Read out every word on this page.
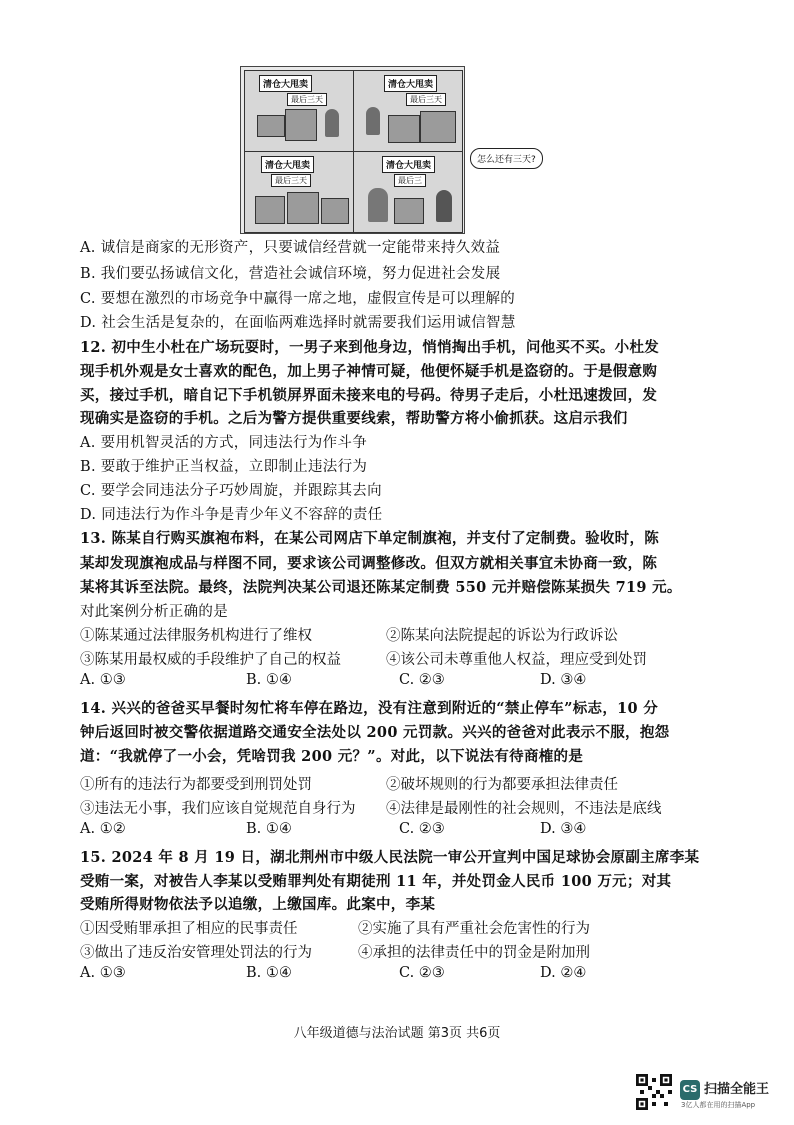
清仓大甩卖
最后三天
清仓大甩卖
最后三天
清仓大甩卖
最后三天
清仓大甩卖
最后三
怎么还有三天?
A. 诚信是商家的无形资产，只要诚信经营就一定能带来持久效益
B. 我们要弘扬诚信文化，营造社会诚信环境，努力促进社会发展
C. 要想在激烈的市场竞争中赢得一席之地，虚假宣传是可以理解的
D. 社会生活是复杂的，在面临两难选择时就需要我们运用诚信智慧
12. 初中生小杜在广场玩耍时，一男子来到他身边，悄悄掏出手机，问他买不买。小杜发
现手机外观是女士喜欢的配色，加上男子神情可疑，他便怀疑手机是盗窃的。于是假意购
买，接过手机，暗自记下手机锁屏界面未接来电的号码。待男子走后，小杜迅速拨回，发
现确实是盗窃的手机。之后为警方提供重要线索，帮助警方将小偷抓获。这启示我们
A. 要用机智灵活的方式，同违法行为作斗争
B. 要敢于维护正当权益，立即制止违法行为
C. 要学会同违法分子巧妙周旋，并跟踪其去向
D. 同违法行为作斗争是青少年义不容辞的责任
13. 陈某自行购买旗袍布料，在某公司网店下单定制旗袍，并支付了定制费。验收时，陈
某却发现旗袍成品与样图不同，要求该公司调整修改。但双方就相关事宜未协商一致，陈
某将其诉至法院。最终，法院判决某公司退还陈某定制费 550 元并赔偿陈某损失 719 元。
对此案例分析正确的是
①陈某通过法律服务机构进行了维权	②陈某向法院提起的诉讼为行政诉讼
③陈某用最权威的手段维护了自己的权益	④该公司未尊重他人权益，理应受到处罚
A. ①③	B. ①④	C. ②③	D. ③④
14. 兴兴的爸爸买早餐时匆忙将车停在路边，没有注意到附近的“禁止停车”标志，10 分
钟后返回时被交警依据道路交通安全法处以 200 元罚款。兴兴的爸爸对此表示不服，抱怨
道：“我就停了一小会，凭啥罚我 200 元？”。对此，以下说法有待商榷的是
①所有的违法行为都要受到刑罚处罚	②破坏规则的行为都要承担法律责任
③违法无小事，我们应该自觉规范自身行为 ④法律是最刚性的社会规则，不违法是底线
A. ①②	B. ①④	C. ②③	D. ③④
15. 2024 年 8 月 19 日，湖北荆州市中级人民法院一审公开宣判中国足球协会原副主席李某
受贿一案，对被告人李某以受贿罪判处有期徒刑 11 年，并处罚金人民币 100 万元；对其
受贿所得财物依法予以追缴，上缴国库。此案中，李某
①因受贿罪承担了相应的民事责任	②实施了具有严重社会危害性的行为
③做出了违反治安管理处罚法的行为	④承担的法律责任中的罚金是附加刑
A. ①③	B. ①④	C. ②③	D. ②④
八年级道德与法治试题 第3页 共6页
CS 扫描全能王
3亿人都在用的扫描App
